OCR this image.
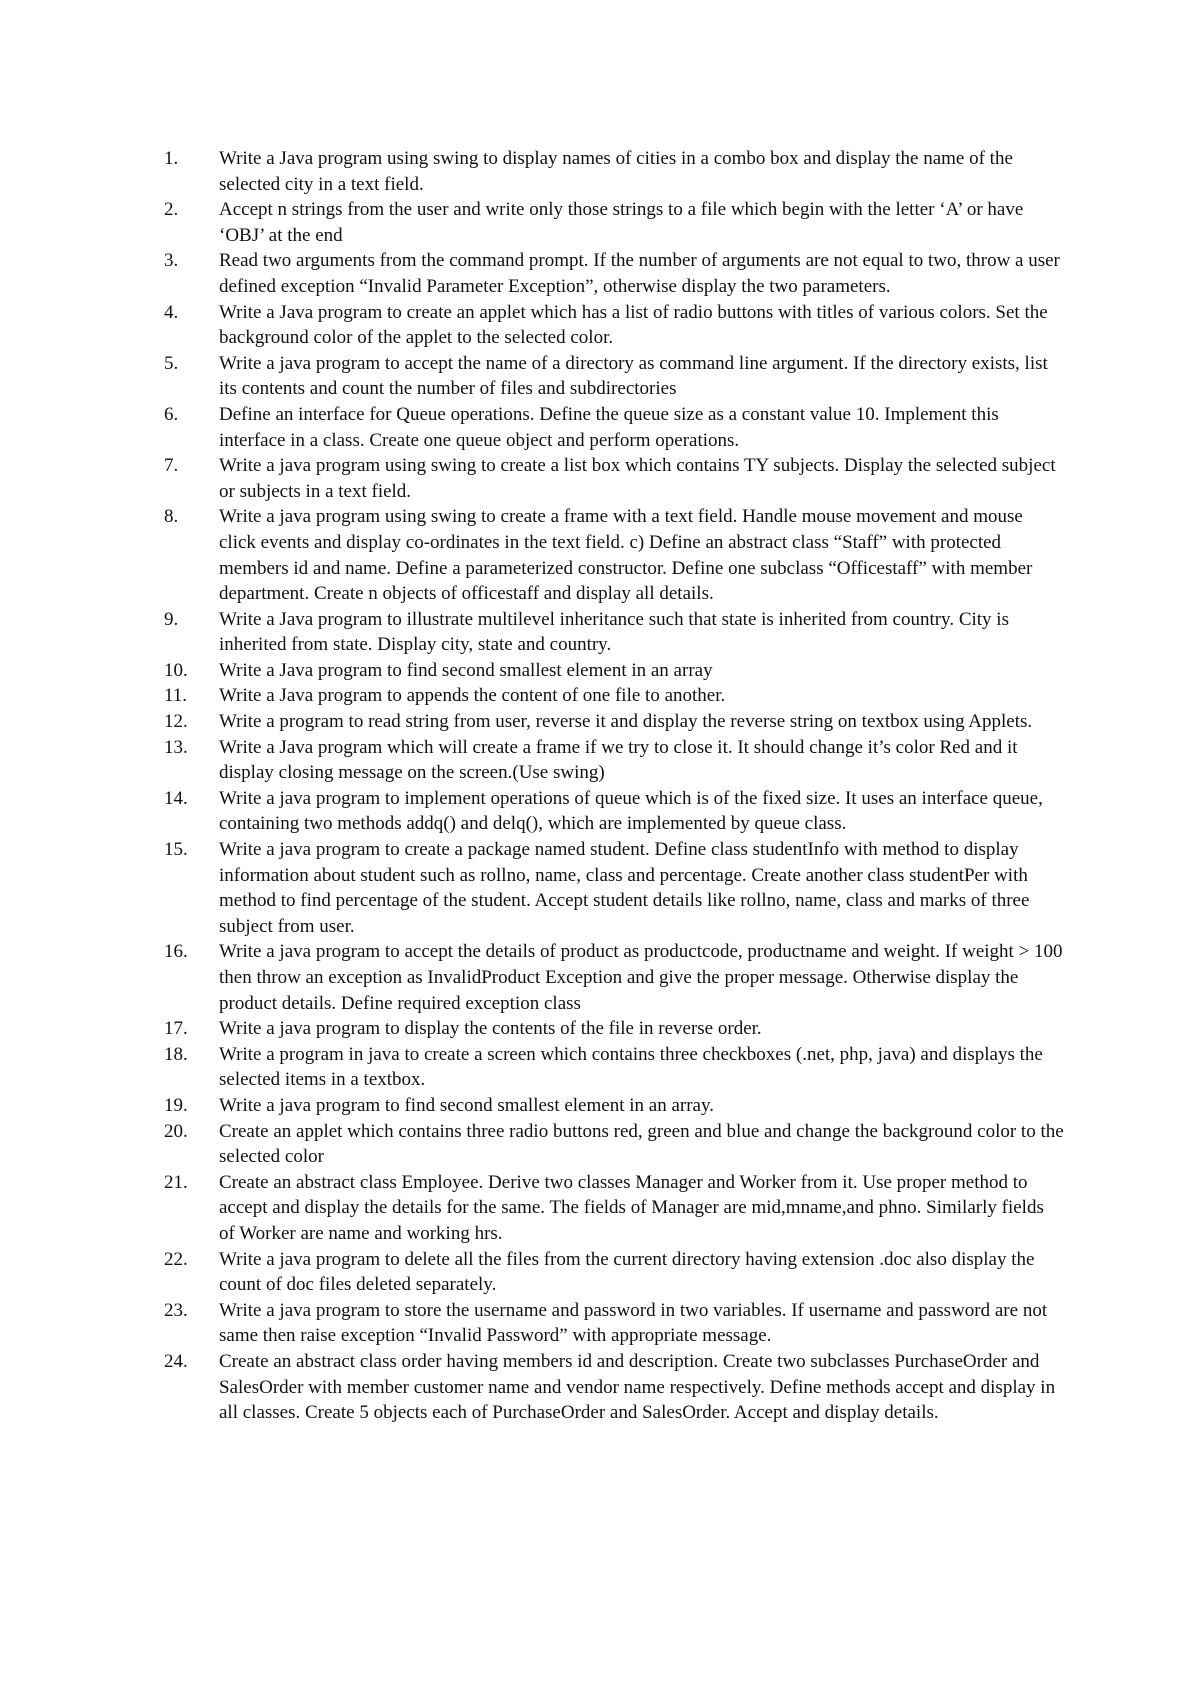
1.	Write a Java program using swing to display names of cities in a combo box and display the name of the selected city in a text field.
2.	Accept n strings from the user and write only those strings to a file which begin with the letter ‘A’ or have ‘OBJ’ at the end
3.	Read two arguments from the command prompt. If the number of arguments are not equal to two, throw a user defined exception “Invalid Parameter Exception”, otherwise display the two parameters.
4.	Write a Java program to create an applet which has a list of radio buttons with titles of various colors. Set the background color of the applet to the selected color.
5.	Write a java program to accept the name of a directory as command line argument. If the directory exists, list its contents and count the number of files and subdirectories
6.	Define an interface for Queue operations. Define the queue size as a constant value 10. Implement this interface in a class. Create one queue object and perform operations.
7.	Write a java program using swing to create a list box which contains TY subjects. Display the selected subject or subjects in a text field.
8.	Write a java program using swing to create a frame with a text field. Handle mouse movement and mouse click events and display co-ordinates in the text field. c) Define an abstract class “Staff” with protected members id and name. Define a parameterized constructor. Define one subclass “Officestaff” with member department. Create n objects of officestaff and display all details.
9.	Write a Java program to illustrate multilevel inheritance such that state is inherited from country. City is inherited from state. Display city, state and country.
10.	Write a Java program to find second smallest element in an array
11.	Write a Java program to appends the content of one file to another.
12.	Write a program to read string from user, reverse it and display the reverse string on textbox using Applets.
13.	Write a Java program which will create a frame if we try to close it. It should change it’s color Red and it display closing message on the screen.(Use swing)
14.	Write a java program to implement operations of queue which is of the fixed size. It uses an interface queue, containing two methods addq() and delq(), which are implemented by queue class.
15.	Write a java program to create a package named student. Define class studentInfo with method to display information about student such as rollno, name, class and percentage. Create another class studentPer with method to find percentage of the student. Accept student details like rollno, name, class and marks of three subject from user.
16.	Write a java program to accept the details of product as productcode, productname and weight. If weight > 100 then throw an exception as InvalidProduct Exception and give the proper message. Otherwise display the product details. Define required exception class
17.	Write a java program to display the contents of the file in reverse order.
18.	Write a program in java to create a screen which contains three checkboxes (.net, php, java) and displays the selected items in a textbox.
19.	Write a java program to find second smallest element in an array.
20.	Create an applet which contains three radio buttons red, green and blue and change the background color to the selected color
21.	Create an abstract class Employee. Derive two classes Manager and Worker from it. Use proper method to accept and display the details for the same. The fields of Manager are mid,mname,and phno. Similarly fields of Worker are name and working hrs.
22.	Write a java program to delete all the files from the current directory having extension .doc also display the count of doc files deleted separately.
23.	Write a java program to store the username and password in two variables. If username and password are not same then raise exception “Invalid Password” with appropriate message.
24.	Create an abstract class order having members id and description. Create two subclasses PurchaseOrder and SalesOrder with member customer name and vendor name respectively. Define methods accept and display in all classes. Create 5 objects each of PurchaseOrder and SalesOrder. Accept and display details.
